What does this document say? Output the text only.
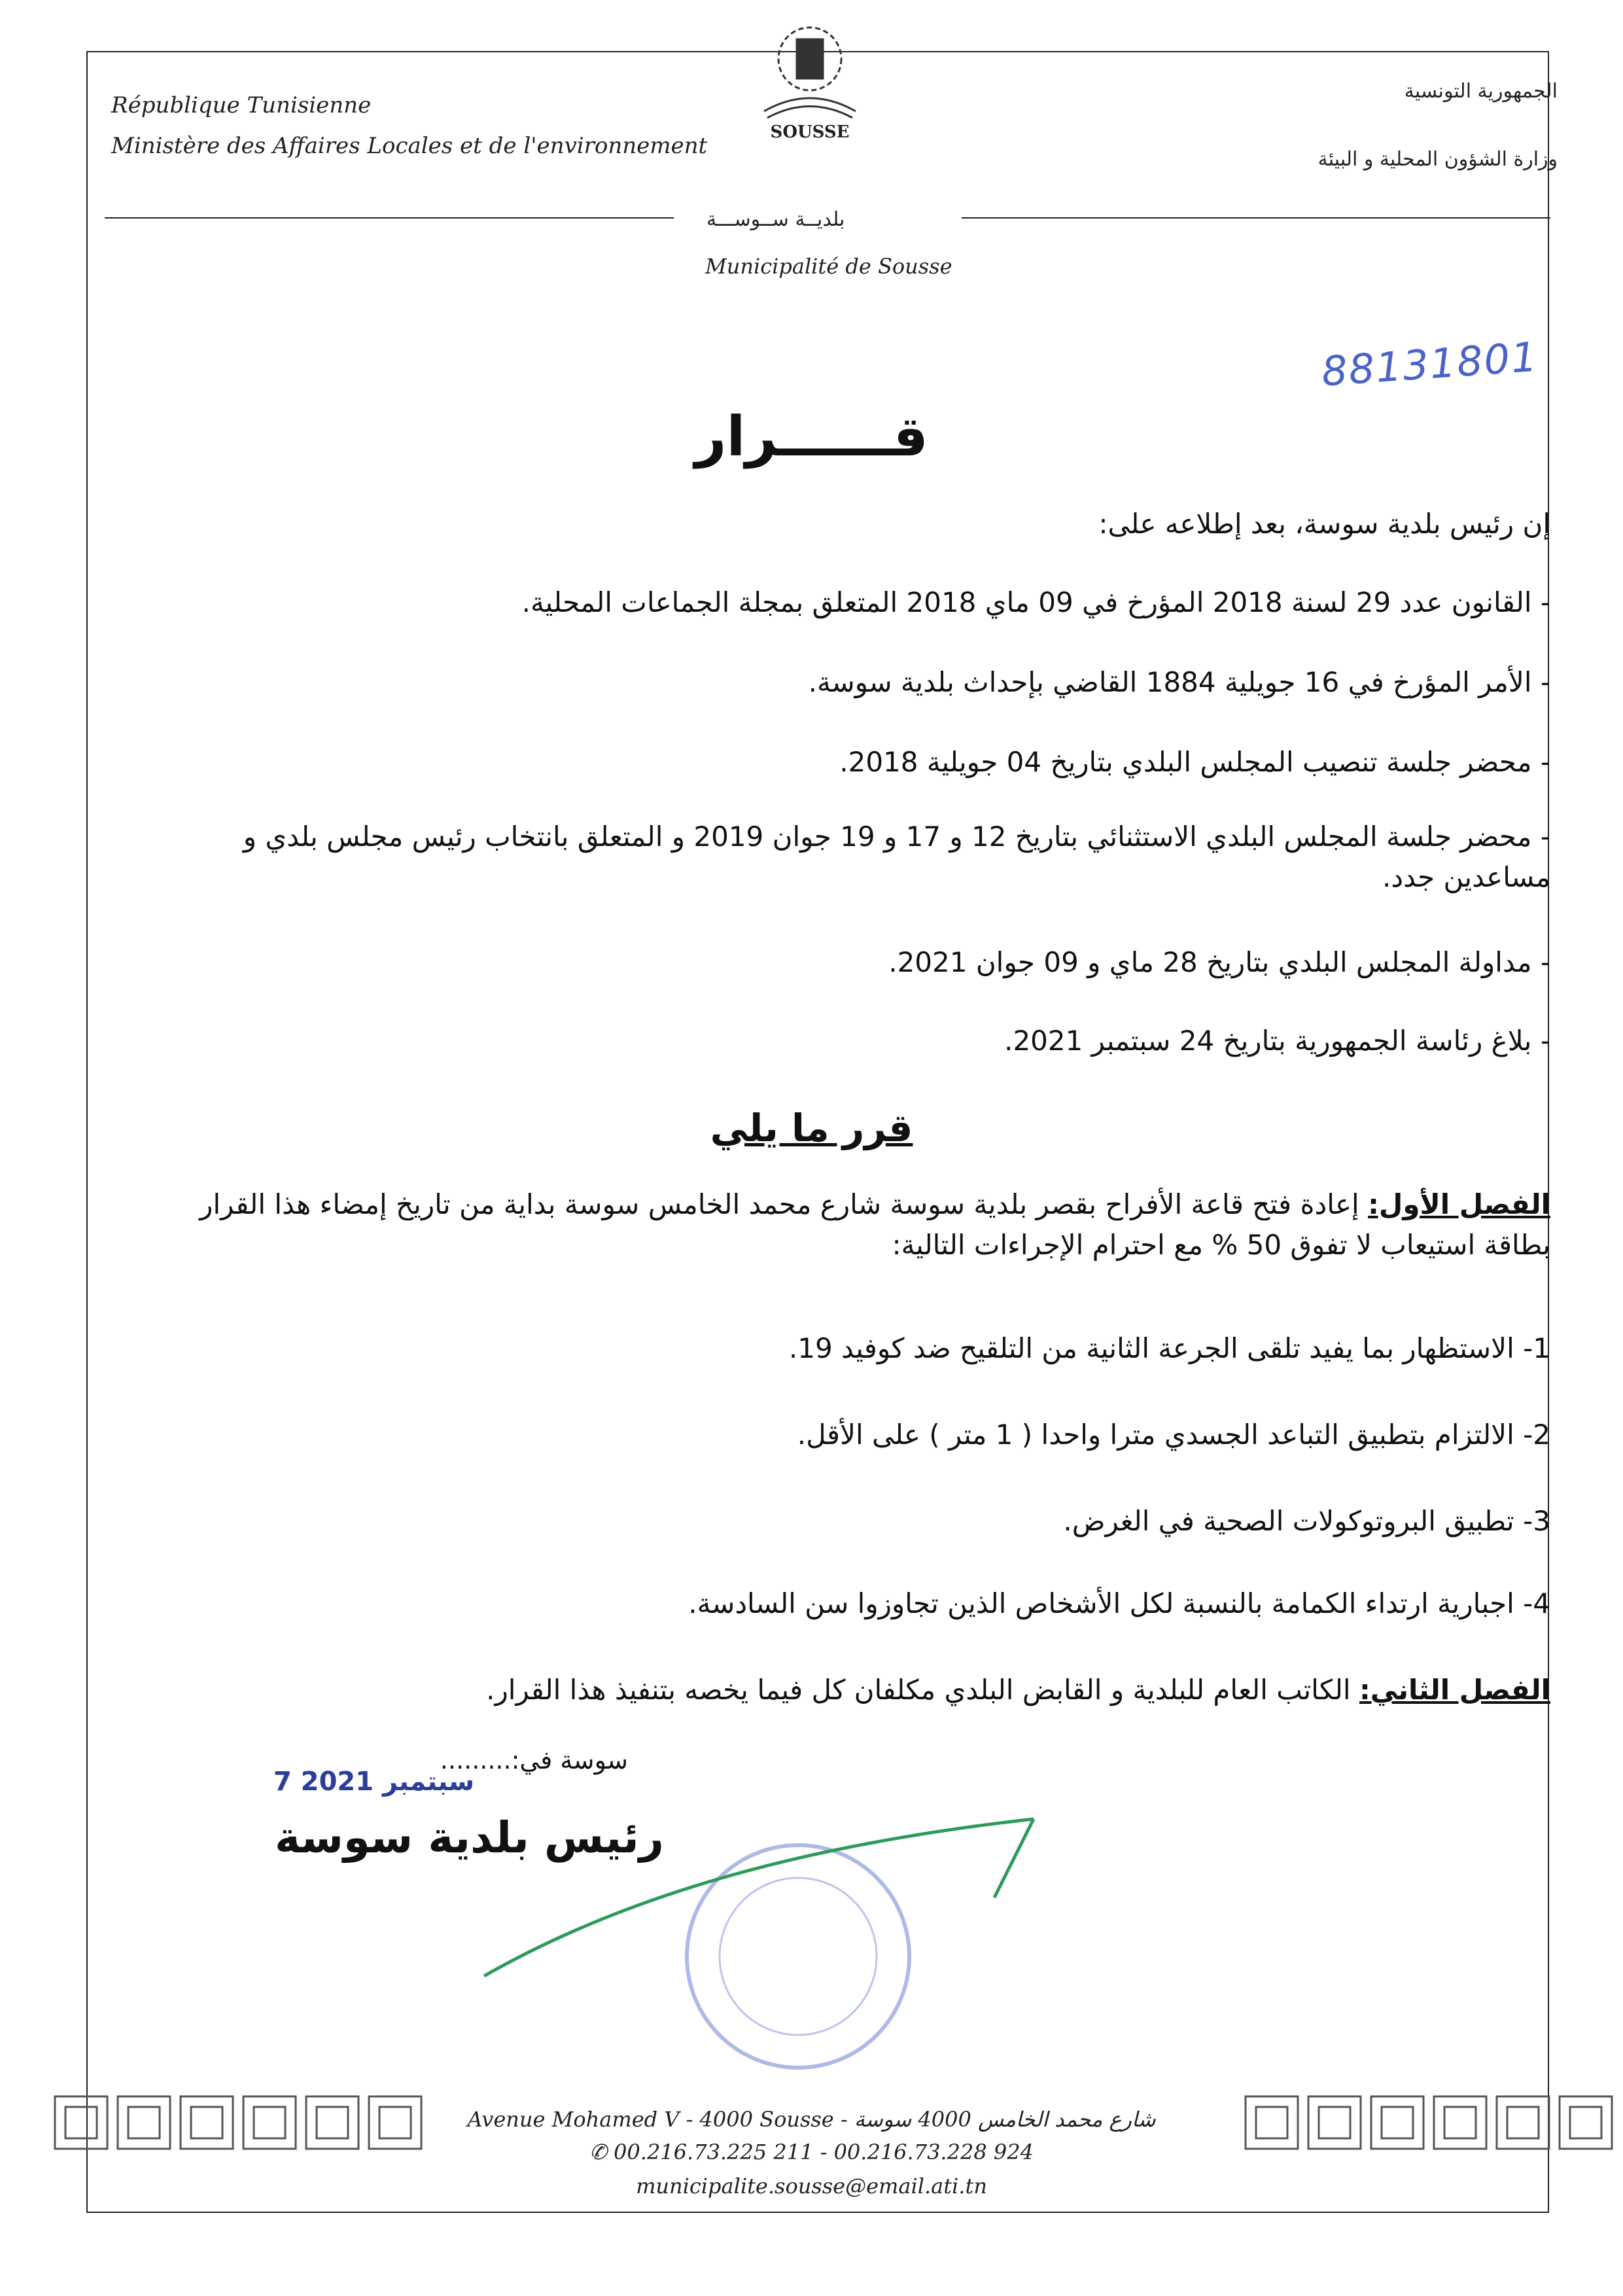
République Tunisienne
Ministère des Affaires Locales et de l'environnement
SOUSSE
الجمهورية التونسية
وزارة الشؤون المحلية و البيئة
بلديــة ســوســـة
Municipalité de Sousse
88131801
قــــــرار
إن رئيس بلدية سوسة، بعد إطلاعه على:
- القانون عدد 29 لسنة 2018 المؤرخ في 09 ماي 2018 المتعلق بمجلة الجماعات المحلية.
- الأمر المؤرخ في 16 جويلية 1884 القاضي بإحداث بلدية سوسة.
- محضر جلسة تنصيب المجلس البلدي بتاريخ 04 جويلية 2018.
- محضر جلسة المجلس البلدي الاستثنائي بتاريخ 12 و 17 و 19 جوان 2019 و المتعلق بانتخاب رئيس مجلس بلدي و مساعدين جدد.
- مداولة المجلس البلدي بتاريخ 28 ماي و 09 جوان 2021.
- بلاغ رئاسة الجمهورية بتاريخ 24 سبتمبر 2021.
الفصل الأول: إعادة فتح قاعة الأفراح بقصر بلدية سوسة شارع محمد الخامس سوسة بداية من تاريخ إمضاء هذا القرار بطاقة استيعاب لا تفوق 50 % مع احترام الإجراءات التالية:
1- الاستظهار بما يفيد تلقى الجرعة الثانية من التلقيح ضد كوفيد 19.
2- الالتزام بتطبيق التباعد الجسدي مترا واحدا ( 1 متر ) على الأقل.
3- تطبيق البروتوكولات الصحية في الغرض.
4- اجبارية ارتداء الكمامة بالنسبة لكل الأشخاص الذين تجاوزوا سن السادسة.
الفصل الثاني: الكاتب العام للبلدية و القابض البلدي مكلفان كل فيما يخصه بتنفيذ هذا القرار.
قرر ما يلي
سوسة في:.........
7 سبتمبر 2021
رئيس بلدية سوسة
Avenue Mohamed V - 4000 Sousse - شارع محمد الخامس 4000 سوسة
✆ 00.216.73.225 211 - 00.216.73.228 924
municipalite.sousse@email.ati.tn
